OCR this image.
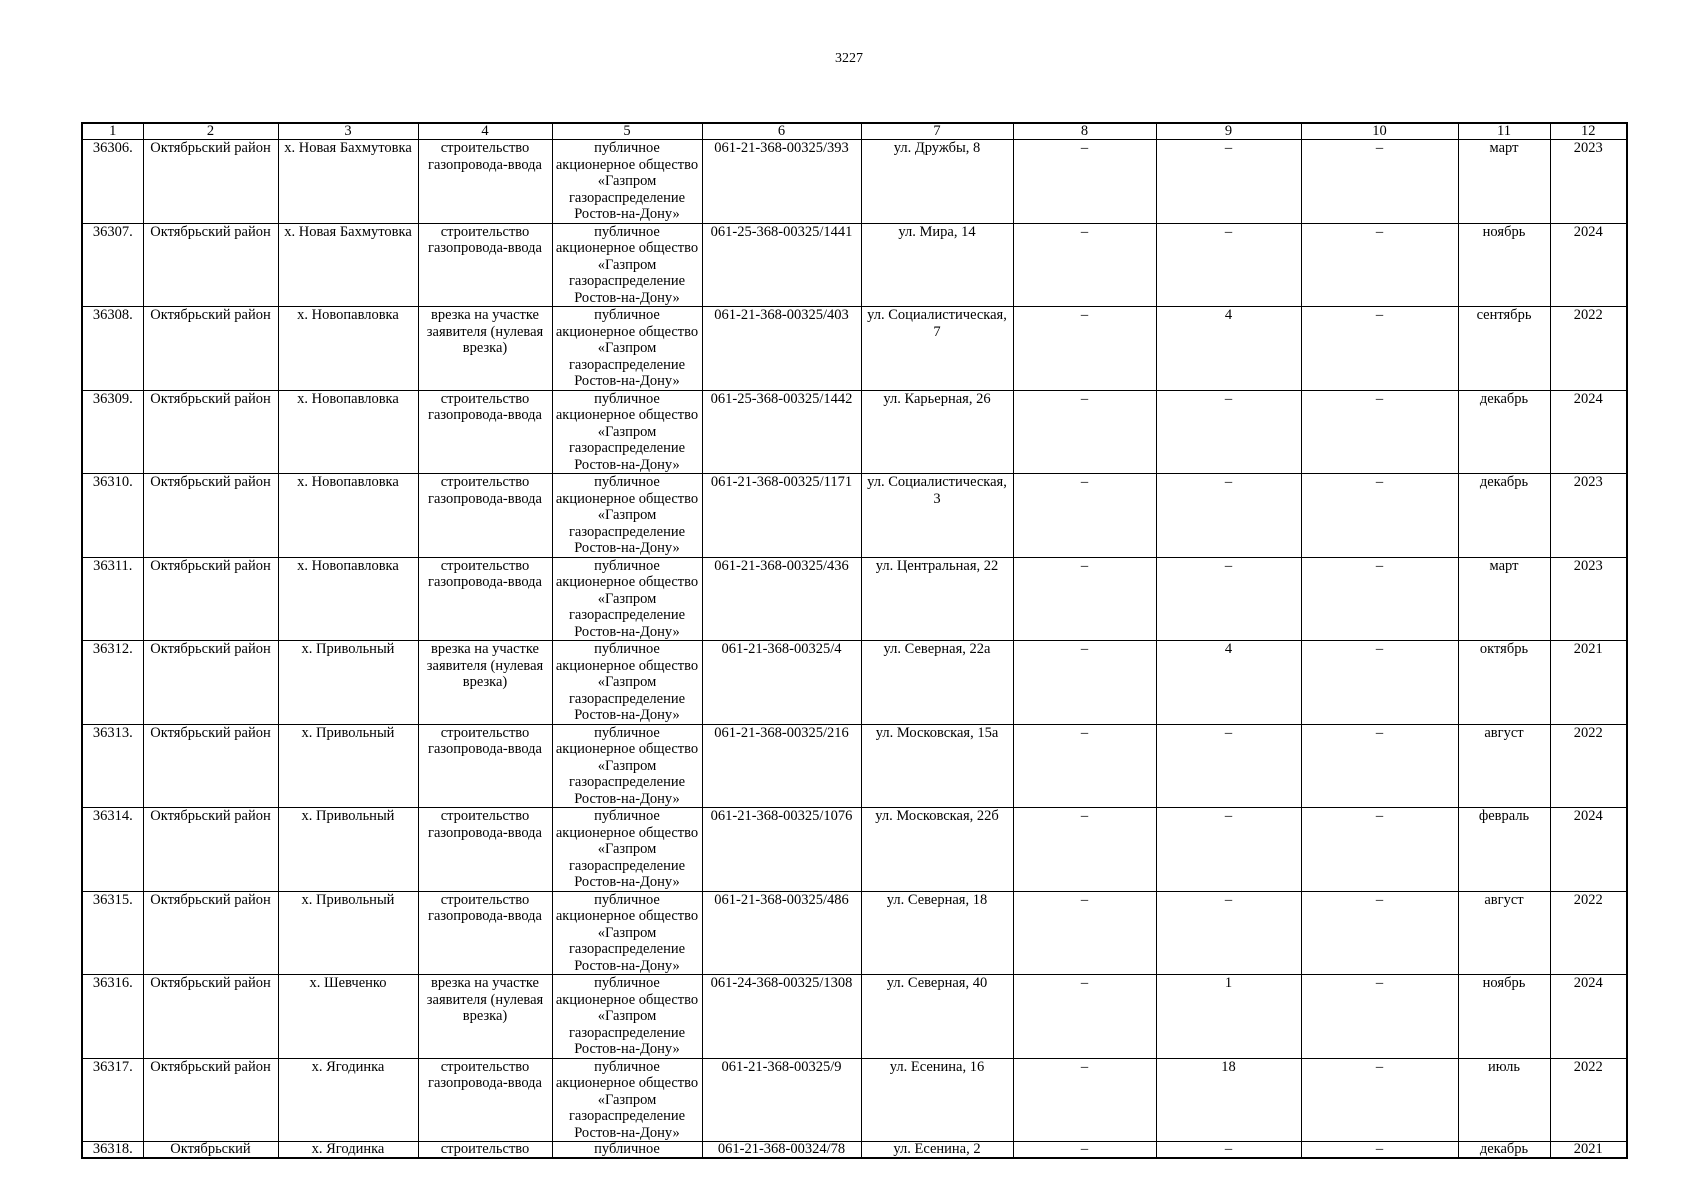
3227
1	2	3	4	5	6	7	8	9	10	11	12
36306.	Октябрьский район	х. Новая Бахмутовка	строительство газопровода-ввода	публичное акционерное общество «Газпром газораспределение Ростов-на-Дону»	061-21-368-00325/393	ул. Дружбы, 8	–	–	–	март	2023
36307.	Октябрьский район	х. Новая Бахмутовка	строительство газопровода-ввода	публичное акционерное общество «Газпром газораспределение Ростов-на-Дону»	061-25-368-00325/1441	ул. Мира, 14	–	–	–	ноябрь	2024
36308.	Октябрьский район	х. Новопавловка	врезка на участке заявителя (нулевая врезка)	публичное акционерное общество «Газпром газораспределение Ростов-на-Дону»	061-21-368-00325/403	ул. Социалистическая, 7	–	4	–	сентябрь	2022
36309.	Октябрьский район	х. Новопавловка	строительство газопровода-ввода	публичное акционерное общество «Газпром газораспределение Ростов-на-Дону»	061-25-368-00325/1442	ул. Карьерная, 26	–	–	–	декабрь	2024
36310.	Октябрьский район	х. Новопавловка	строительство газопровода-ввода	публичное акционерное общество «Газпром газораспределение Ростов-на-Дону»	061-21-368-00325/1171	ул. Социалистическая, 3	–	–	–	декабрь	2023
36311.	Октябрьский район	х. Новопавловка	строительство газопровода-ввода	публичное акционерное общество «Газпром газораспределение Ростов-на-Дону»	061-21-368-00325/436	ул. Центральная, 22	–	–	–	март	2023
36312.	Октябрьский район	х. Привольный	врезка на участке заявителя (нулевая врезка)	публичное акционерное общество «Газпром газораспределение Ростов-на-Дону»	061-21-368-00325/4	ул. Северная, 22а	–	4	–	октябрь	2021
36313.	Октябрьский район	х. Привольный	строительство газопровода-ввода	публичное акционерное общество «Газпром газораспределение Ростов-на-Дону»	061-21-368-00325/216	ул. Московская, 15а	–	–	–	август	2022
36314.	Октябрьский район	х. Привольный	строительство газопровода-ввода	публичное акционерное общество «Газпром газораспределение Ростов-на-Дону»	061-21-368-00325/1076	ул. Московская, 22б	–	–	–	февраль	2024
36315.	Октябрьский район	х. Привольный	строительство газопровода-ввода	публичное акционерное общество «Газпром газораспределение Ростов-на-Дону»	061-21-368-00325/486	ул. Северная, 18	–	–	–	август	2022
36316.	Октябрьский район	х. Шевченко	врезка на участке заявителя (нулевая врезка)	публичное акционерное общество «Газпром газораспределение Ростов-на-Дону»	061-24-368-00325/1308	ул. Северная, 40	–	1	–	ноябрь	2024
36317.	Октябрьский район	х. Ягодинка	строительство газопровода-ввода	публичное акционерное общество «Газпром газораспределение Ростов-на-Дону»	061-21-368-00325/9	ул. Есенина, 16	–	18	–	июль	2022
36318.	Октябрьский	х. Ягодинка	строительство	публичное	061-21-368-00324/78	ул. Есенина, 2	–	–	–	декабрь	2021
